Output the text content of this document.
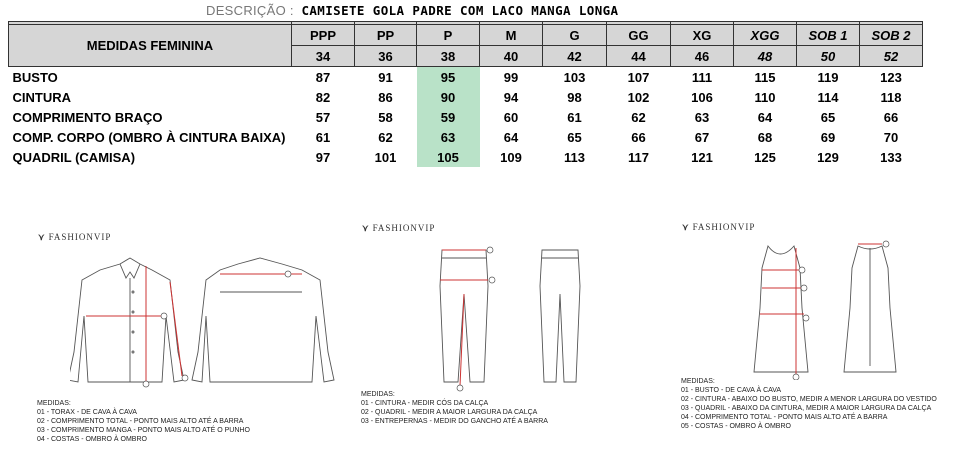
DESCRIÇÃO : CAMISETE GOLA PADRE COM LACO MANGA LONGA

MEDIDAS FEMININA	PPP	PP	P	M	G	GG	XG	XGG	SOB 1	SOB 2
	34	36	38	40	42	44	46	48	50	52
BUSTO	87	91	95	99	103	107	111	115	119	123
CINTURA	82	86	90	94	98	102	106	110	114	118
COMPRIMENTO BRAÇO	57	58	59	60	61	62	63	64	65	66
COMP. CORPO (OMBRO À CINTURA BAIXA)	61	62	63	64	65	66	67	68	69	70
QUADRIL (CAMISA)	97	101	105	109	113	117	121	125	129	133
⋎ FASHIONVIP
MEDIDAS:
01 - TORAX - DE CAVA À CAVA
02 - COMPRIMENTO TOTAL - PONTO MAIS ALTO ATÉ A BARRA
03 - COMPRIMENTO MANGA - PONTO MAIS ALTO ATÉ O PUNHO
04 - COSTAS - OMBRO À OMBRO
⋎ FASHIONVIP
MEDIDAS:
01 - CINTURA - MEDIR CÓS DA CALÇA
02 - QUADRIL - MEDIR A MAIOR LARGURA DA CALÇA
03 - ENTREPERNAS - MEDIR DO GANCHO ATÉ A BARRA
⋎ FASHIONVIP
MEDIDAS:
01 - BUSTO - DE CAVA À CAVA
02 - CINTURA - ABAIXO DO BUSTO, MEDIR A MENOR LARGURA DO VESTIDO
03 - QUADRIL - ABAIXO DA CINTURA, MEDIR A MAIOR LARGURA DA CALÇA
04 - COMPRIMENTO TOTAL - PONTO MAIS ALTO ATÉ A BARRA
05 - COSTAS - OMBRO À OMBRO
